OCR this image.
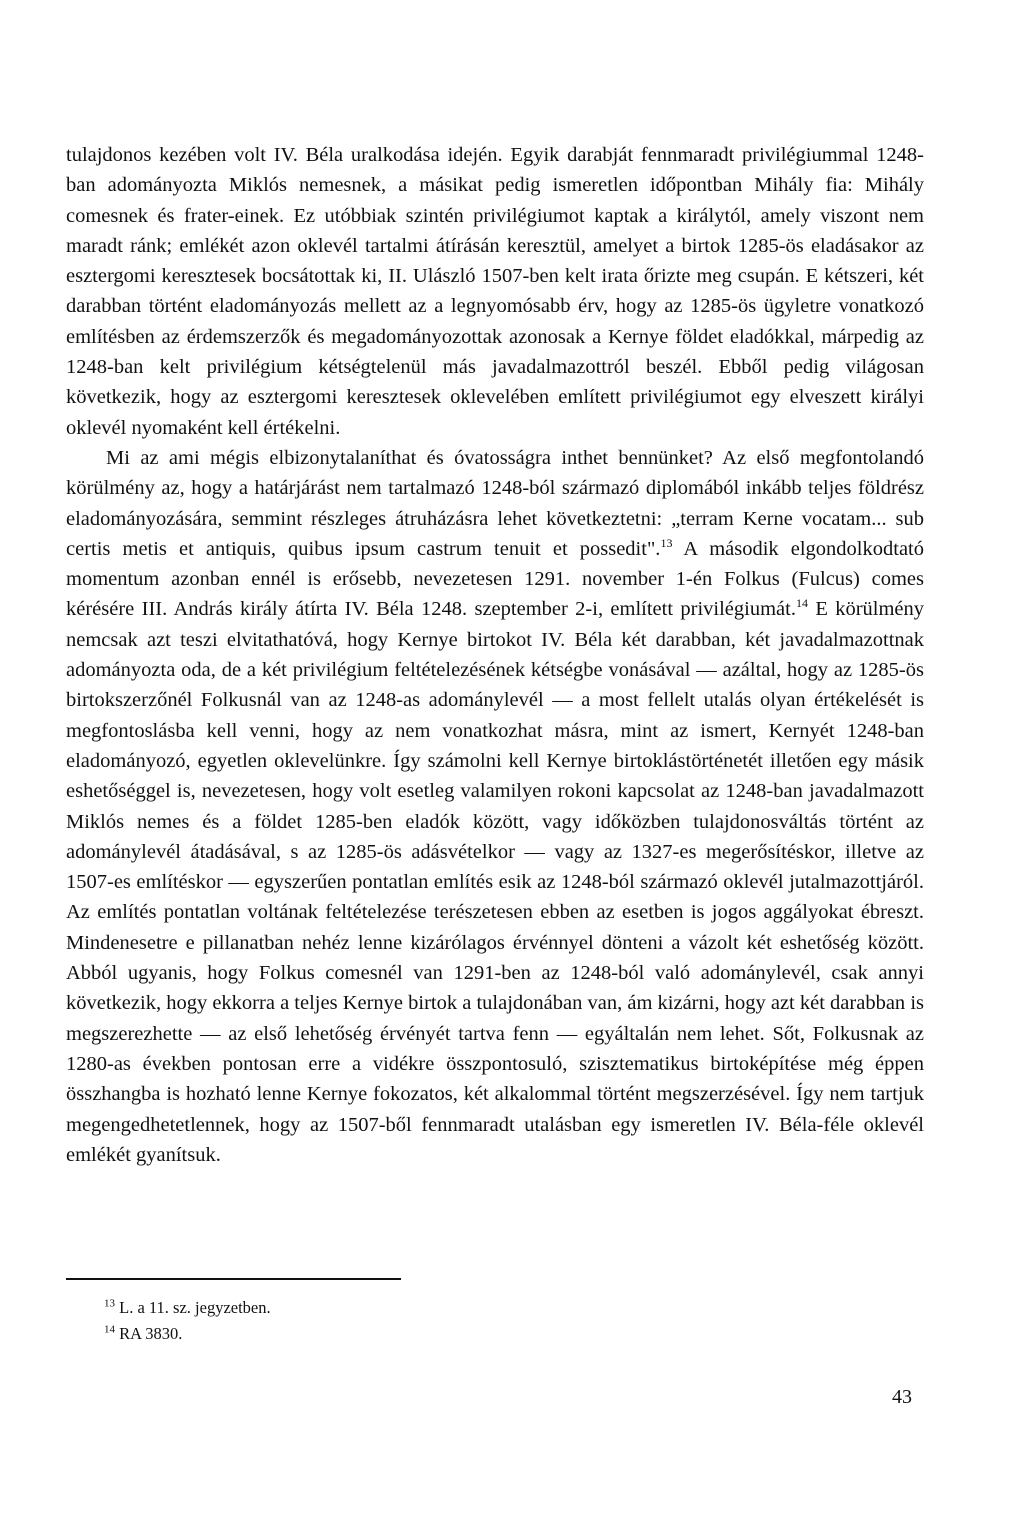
tulajdonos kezében volt IV. Béla uralkodása idején. Egyik darabját fennmaradt privilégiummal 1248-ban adományozta Miklós nemesnek, a másikat pedig ismeretlen időpontban Mihály fia: Mihály comesnek és frater-einek. Ez utóbbiak szintén privilégiumot kaptak a királytól, amely viszont nem maradt ránk; emlékét azon oklevél tartalmi átírásán keresztül, amelyet a birtok 1285-ös eladásakor az esztergomi keresztesek bocsátottak ki, II. Ulászló 1507-ben kelt irata őrizte meg csupán. E kétszeri, két darabban történt eladományozás mellett az a legnyomósabb érv, hogy az 1285-ös ügyletre vonatkozó említésben az érdemszerzők és megadományozottak azonosak a Kernye földet eladókkal, márpedig az 1248-ban kelt privilégium kétségtelenül más javadalmazottról beszél. Ebből pedig világosan következik, hogy az esztergomi keresztesek oklevelében említett privilégiumot egy elveszett királyi oklevél nyomaként kell értékelni.

Mi az ami mégis elbizonytalaníthat és óvatosságra inthet bennünket? Az első megfontolandó körülmény az, hogy a határjárást nem tartalmazó 1248-ból származó diplomából inkább teljes földrész eladományozására, semmint részleges átruházásra lehet következtetni: „terram Kerne vocatam... sub certis metis et antiquis, quibus ipsum castrum tenuit et possedit".$^{13}$ A második elgondolkodtató momentum azonban ennél is erősebb, nevezetesen 1291. november 1-én Folkus (Fulcus) comes kérésére III. András király átírta IV. Béla 1248. szeptember 2-i, említett privilégiumát.$^{14}$ E körülmény nemcsak azt teszi elvitathatóvá, hogy Kernye birtokot IV. Béla két darabban, két javadalmazottnak adományozta oda, de a két privilégium feltételezésének kétségbe vonásával — azáltal, hogy az 1285-ös birtokszerzőnél Folkusnál van az 1248-as adománylevél — a most fellelt utalás olyan értékelését is megfontoslásba kell venni, hogy az nem vonatkozhat másra, mint az ismert, Kernyét 1248-ban eladományozó, egyetlen oklevelünkre. Így számolni kell Kernye birtoklástörténetét illetően egy másik eshetőséggel is, nevezetesen, hogy volt esetleg valamilyen rokoni kapcsolat az 1248-ban javadalmazott Miklós nemes és a földet 1285-ben eladók között, vagy időközben tulajdonosváltás történt az adománylevél átadásával, s az 1285-ös adásvételkor — vagy az 1327-es megerősítéskor, illetve az 1507-es említéskor — egyszerűen pontatlan említés esik az 1248-ból származó oklevél jutalmazottjáról. Az említés pontatlan voltának feltételezése terészetesen ebben az esetben is jogos aggályokat ébreszt. Mindenesetre e pillanatban nehéz lenne kizárólagos érvénnyel dönteni a vázolt két eshetőség között. Abból ugyanis, hogy Folkus comesnél van 1291-ben az 1248-ból való adománylevél, csak annyi következik, hogy ekkorra a teljes Kernye birtok a tulajdonában van, ám kizárni, hogy azt két darabban is megszerezhette — az első lehetőség érvényét tartva fenn — egyáltalán nem lehet. Sőt, Folkusnak az 1280-as években pontosan erre a vidékre összpontosuló, szisztematikus birtoképítése még éppen összhangba is hozható lenne Kernye fokozatos, két alkalommal történt megszerzésével. Így nem tartjuk megengedhetetlennek, hogy az 1507-ből fennmaradt utalásban egy ismeretlen IV. Béla-féle oklevél emlékét gyanítsuk.

$^{13}$ L. a 11. sz. jegyzetben.

$^{14}$ RA 3830.

43
